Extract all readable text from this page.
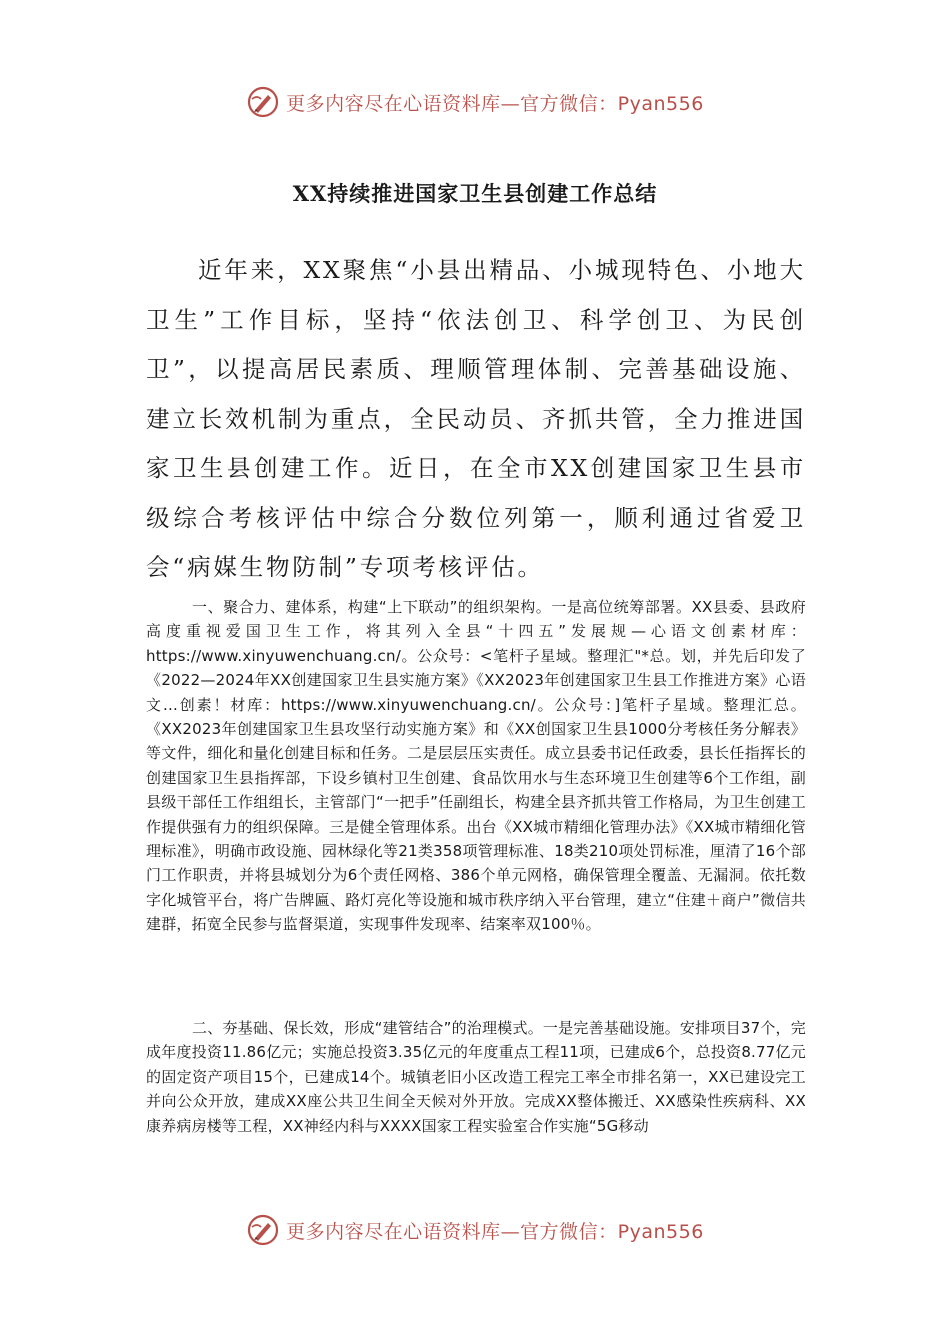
更多内容尽在心语资料库—官方微信：Pyan556
XX持续推进国家卫生县创建工作总结

近年来，XX聚焦“小县出精品、小城现特色、小地大卫生”工作目标，坚持“依法创卫、科学创卫、为民创卫”，以提高居民素质、理顺管理体制、完善基础设施、建立长效机制为重点，全民动员、齐抓共管，全力推进国家卫生县创建工作。近日，在全市XX创建国家卫生县市级综合考核评估中综合分数位列第一，顺利通过省爱卫会“病媒生物防制”专项考核评估。

一、聚合力、建体系，构建“上下联动”的组织架构。一是高位统筹部署。XX县委、县政府高度重视爱国卫生工作，将其列入全县“十四五”发展规—心语文创素材库：https://www.xinyuwenchuang.cn/。公众号：<笔杆子星域。整理汇"*总。划，并先后印发了《2022—2024年XX创建国家卫生县实施方案》《XX2023年创建国家卫生县工作推进方案》心语文…创素！材库：https://www.xinyuwenchuang.cn/。公众号：]笔杆子星域。整理汇总。《XX2023年创建国家卫生县攻坚行动实施方案》和《XX创国家卫生县1000分考核任务分解表》等文件，细化和量化创建目标和任务。二是层层压实责任。成立县委书记任政委，县长任指挥长的创建国家卫生县指挥部，下设乡镇村卫生创建、食品饮用水与生态环境卫生创建等6个工作组，副县级干部任工作组组长，主管部门“一把手”任副组长，构建全县齐抓共管工作格局，为卫生创建工作提供强有力的组织保障。三是健全管理体系。出台《XX城市精细化管理办法》《XX城市精细化管理标准》，明确市政设施、园林绿化等21类358项管理标准、18类210项处罚标准，厘清了16个部门工作职责，并将县城划分为6个责任网格、386个单元网格，确保管理全覆盖、无漏洞。依托数字化城管平台，将广告牌匾、路灯亮化等设施和城市秩序纳入平台管理，建立“住建＋商户”微信共建群，拓宽全民参与监督渠道，实现事件发现率、结案率双100％。

二、夯基础、保长效，形成“建管结合”的治理模式。一是完善基础设施。安排项目37个，完成年度投资11.86亿元；实施总投资3.35亿元的年度重点工程11项，已建成6个，总投资8.77亿元的固定资产项目15个，已建成14个。城镇老旧小区改造工程完工率全市排名第一，XX已建设完工并向公众开放，建成XX座公共卫生间全天候对外开放。完成XX整体搬迁、XX感染性疾病科、XX康养病房楼等工程，XX神经内科与XXXX国家工程实验室合作实施“5G移动

更多内容尽在心语资料库—官方微信：Pyan556
